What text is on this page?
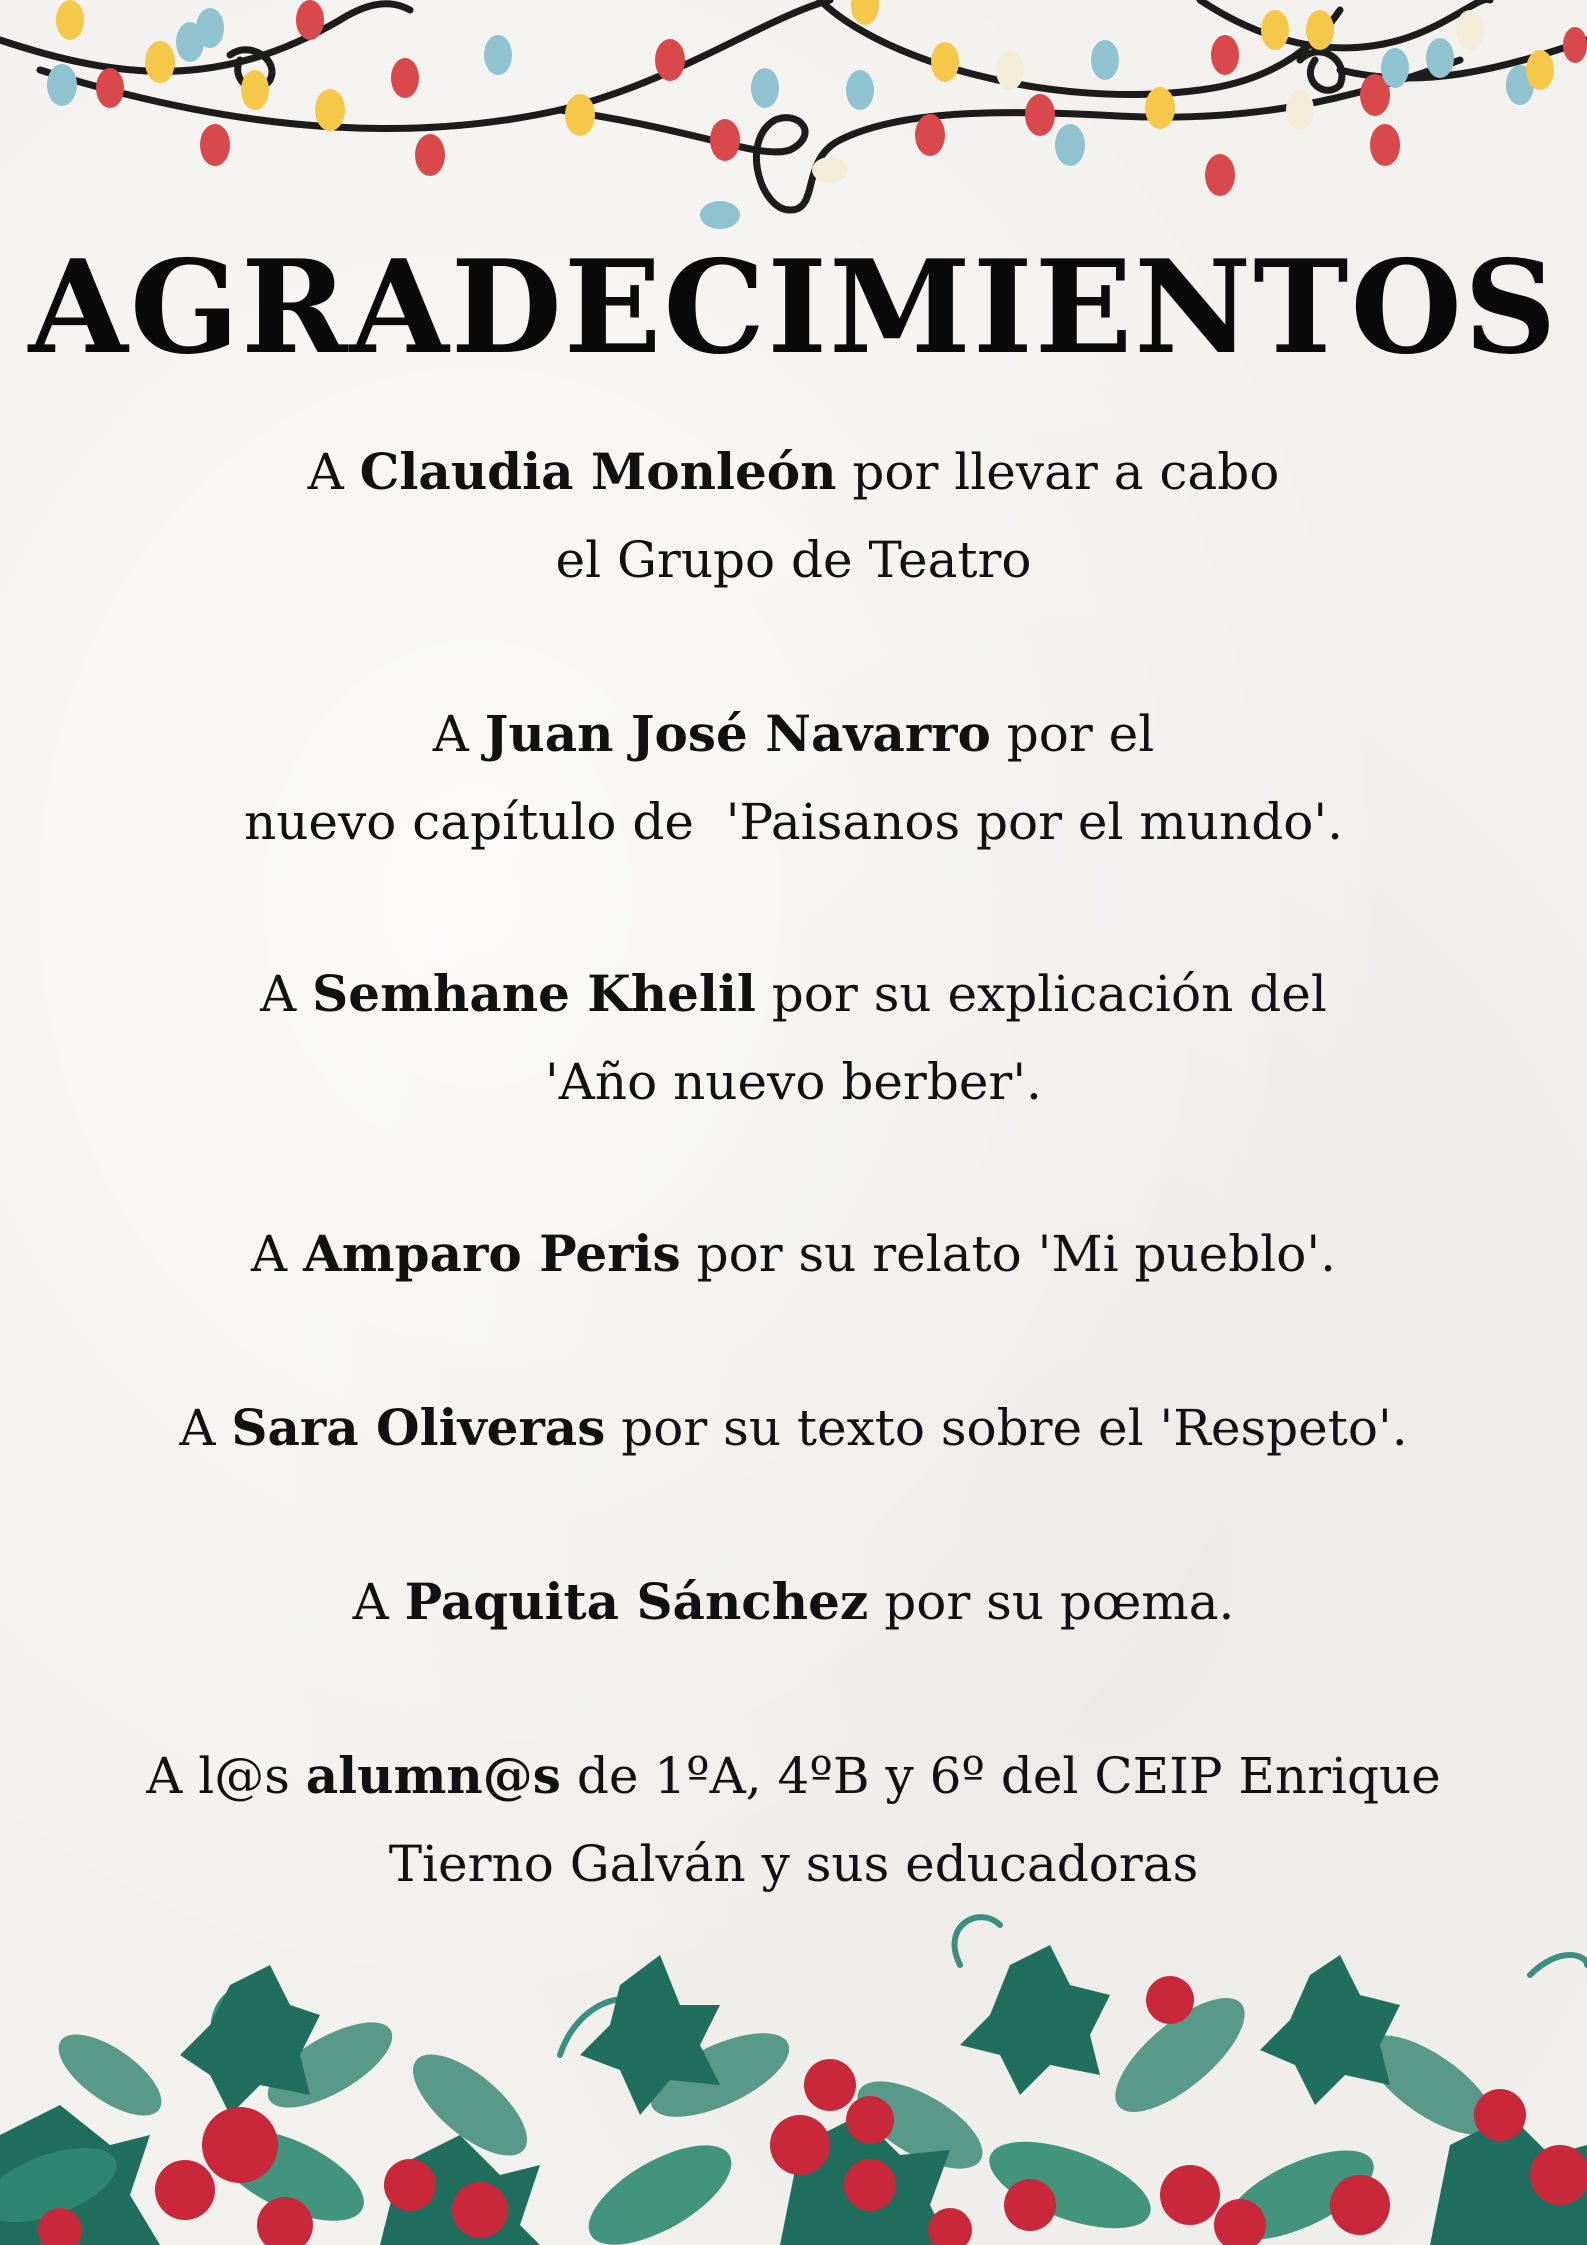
AGRADECIMIENTOS

A Claudia Monleón por llevar a cabo
el Grupo de Teatro

A Juan José Navarro por el
nuevo capítulo de  'Paisanos por el mundo'.

A Semhane Khelil por su explicación del
'Año nuevo berber'.

A Amparo Peris por su relato 'Mi pueblo'.

A Sara Oliveras por su texto sobre el 'Respeto'.

A Paquita Sánchez por su pœma.

A l@s alumn@s de 1ºA, 4ºB y 6º del CEIP Enrique
Tierno Galván y sus educadoras
